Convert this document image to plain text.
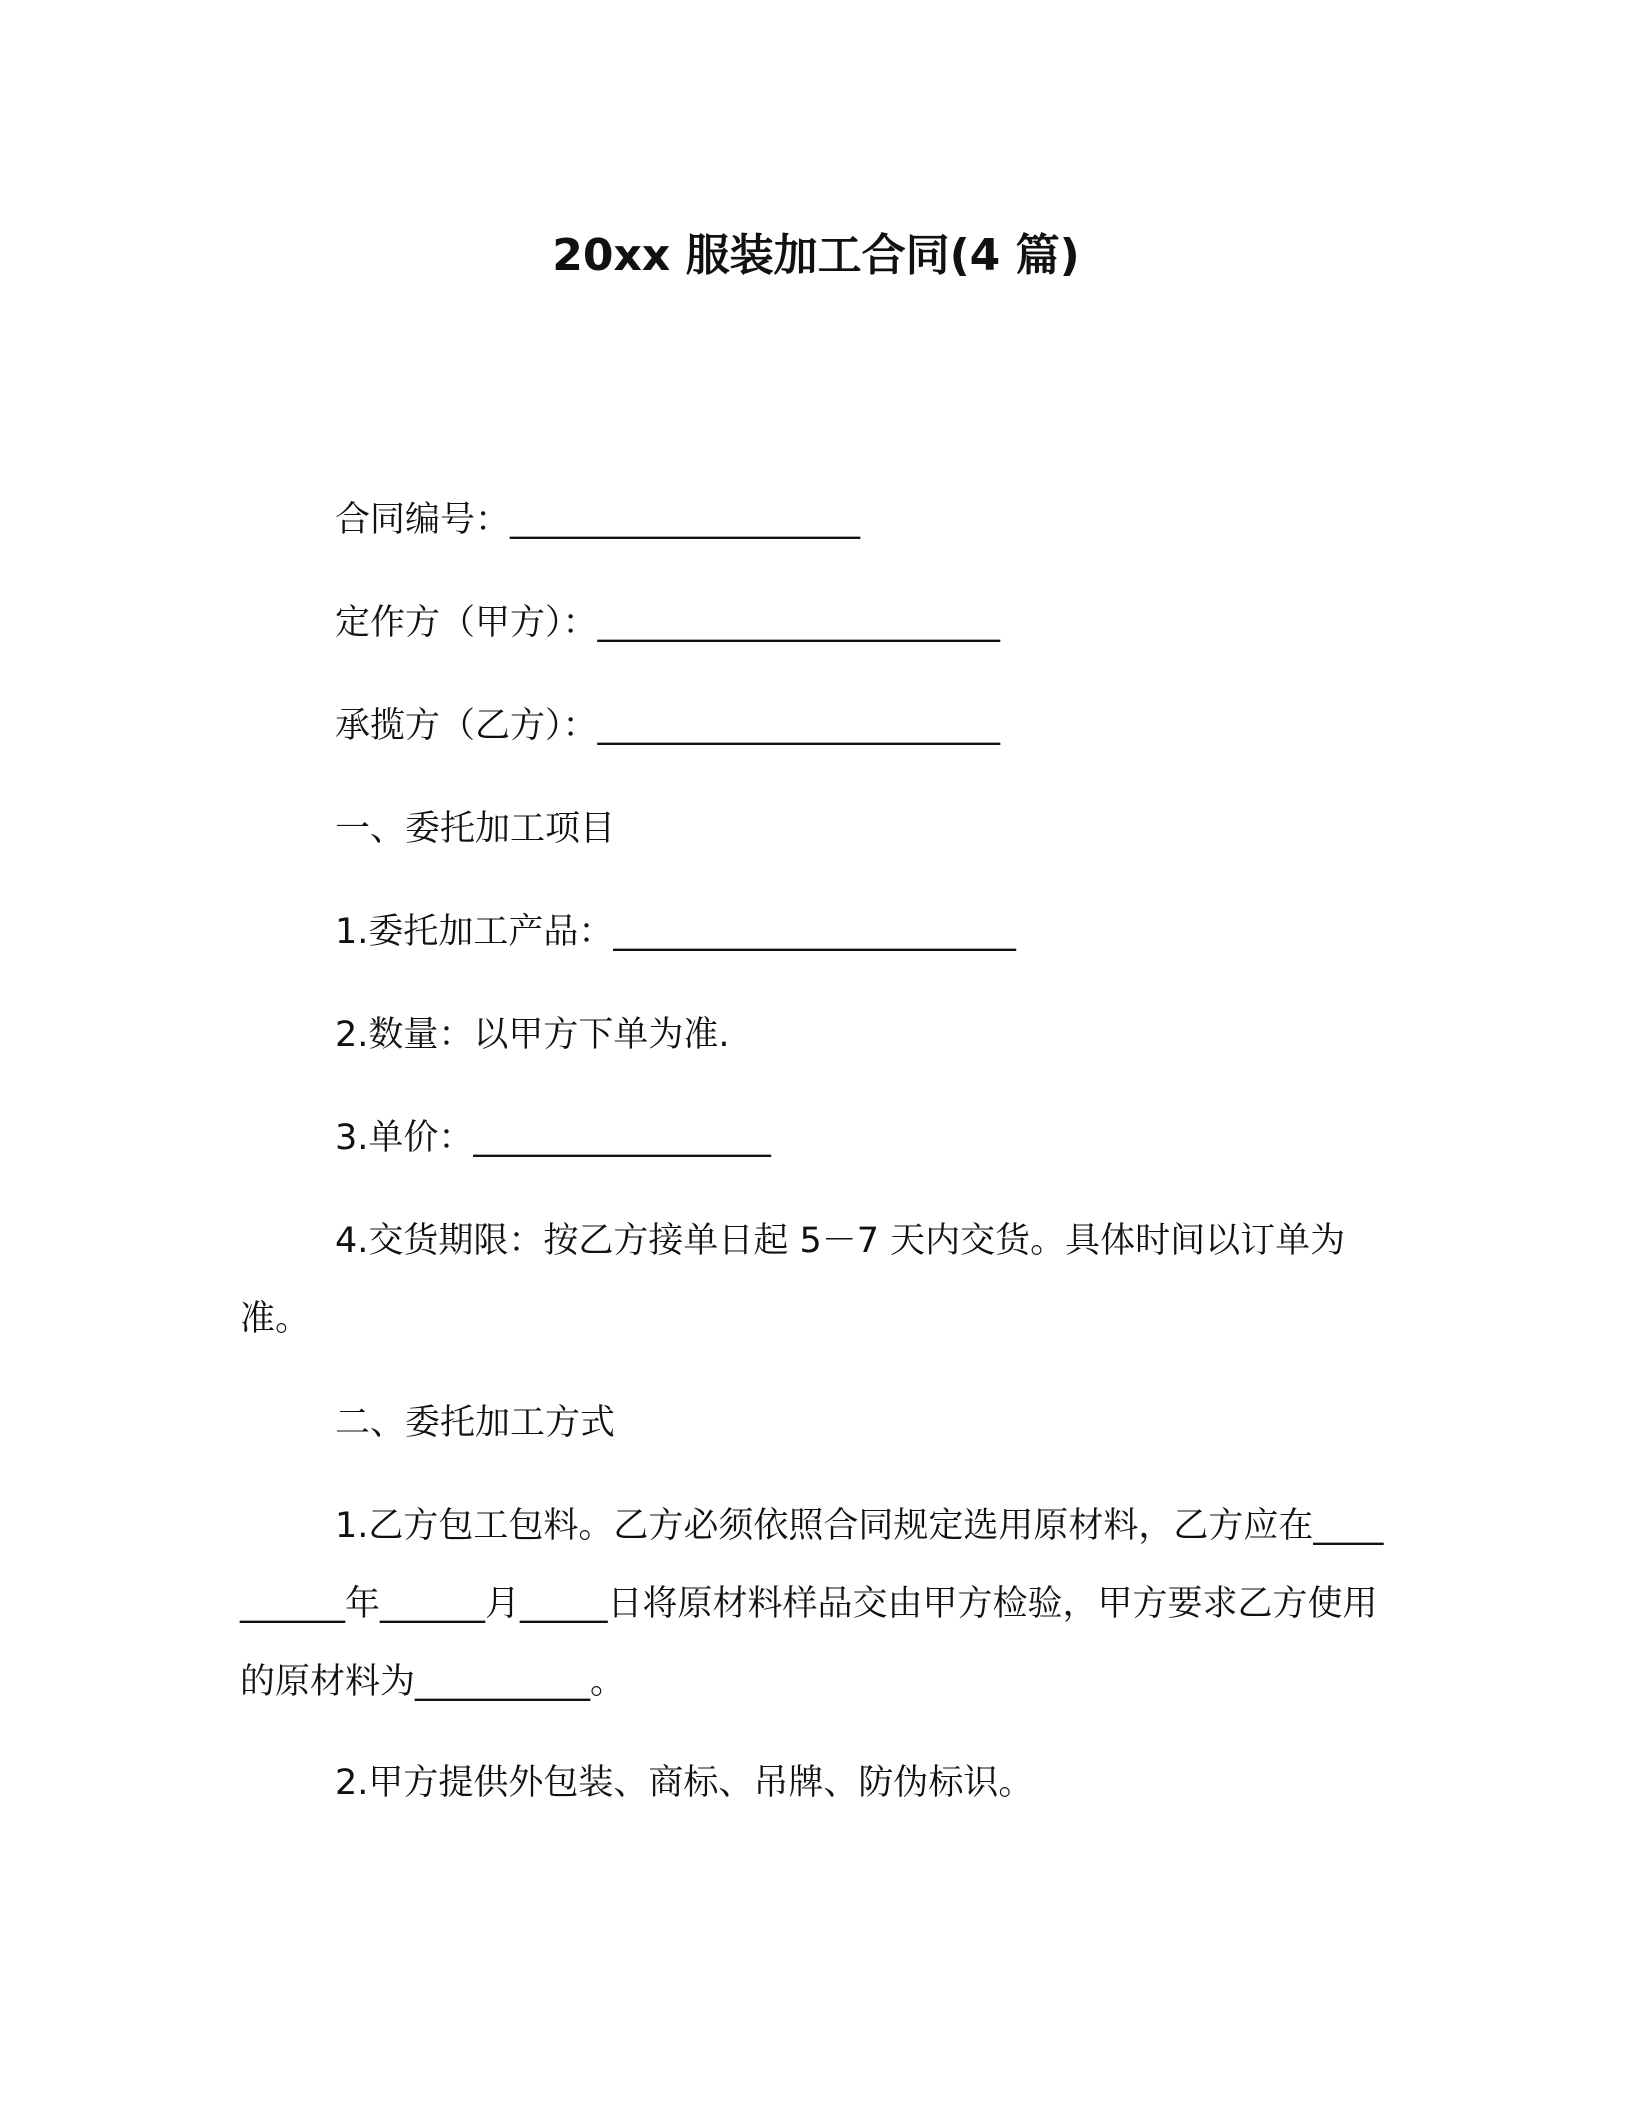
20xx 服装加工合同(4 篇)

合同编号：____________________

定作方（甲方）：_______________________

承揽方（乙方）：_______________________

一、委托加工项目

1.委托加工产品：_______________________

2.数量：以甲方下单为准.

3.单价：_________________

4.交货期限：按乙方接单日起 5－7 天内交货。具体时间以订单为准。

二、委托加工方式

1.乙方包工包料。乙方必须依照合同规定选用原材料，乙方应在__________年______月_____日将原材料样品交由甲方检验，甲方要求乙方使用的原材料为__________。

2.甲方提供外包装、商标、吊牌、防伪标识。
